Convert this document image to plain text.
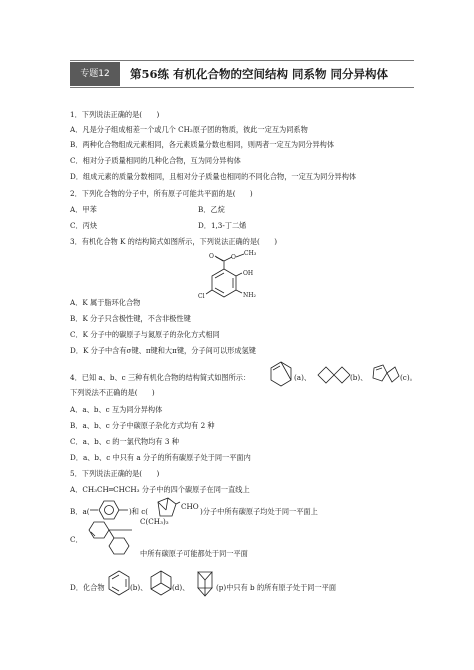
专题12	第56练 有机化合物的空间结构 同系物 同分异构体
1．下列说法正确的是(　　)
A．凡是分子组成相差一个或几个 CH₂原子团的物质，彼此一定互为同系物
B．两种化合物组成元素相同，各元素质量分数也相同，则两者一定互为同分异构体
C．相对分子质量相同的几种化合物，互为同分异构体
D．组成元素的质量分数相同，且相对分子质量也相同的不同化合物，一定互为同分异构体
2．下列化合物的分子中，所有原子可能共平面的是(　　)
A．甲苯	B．乙烷
C．丙炔	D．1,3-丁二烯
3．有机化合物 K 的结构简式如图所示，下列说法正确的是(　　)
O	O
CH₃
OH
NH₂
Cl
A．K 属于脂环化合物
B．K 分子只含极性键，不含非极性键
C．K 分子中的碳原子与氮原子的杂化方式相同
D．K 分子中含有σ键、π键和大π键，分子间可以形成氢键
4．已知 a、b、c 三种有机化合物的结构简式如图所示：	(a)、	(b)、	(c)。
下列说法不正确的是(　　)
A．a、b、c 互为同分异构体
B．a、b、c 分子中碳原子杂化方式均有 2 种
C．a、b、c 的一氯代物均有 3 种
D．a、b、c 中只有 a 分子的所有碳原子处于同一平面内
5．下列说法正确的是(　　)
A．CH₃CH═CHCH₃ 分子中的四个碳原子在同一直线上
B．a(	)和 c(
CHO
)分子中所有碳原子均处于同一平面上
C．
C(CH₃)₃
中所有碳原子可能都处于同一平面
D．化合物	(b)、	(d)、	(p)中只有 b 的所有原子处于同一平面
